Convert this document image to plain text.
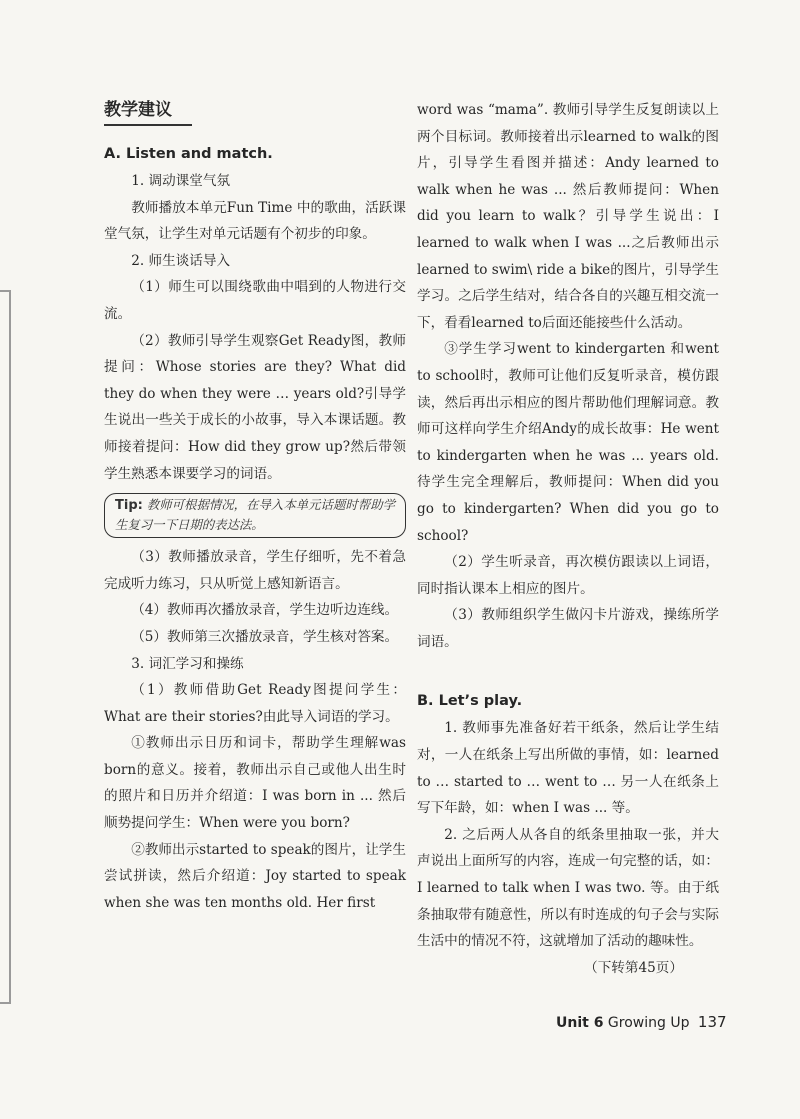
教学建议

A. Listen and match.

1. 调动课堂气氛

教师播放本单元Fun Time 中的歌曲，活跃课堂气氛，让学生对单元话题有个初步的印象。

2. 师生谈话导入

（1）师生可以围绕歌曲中唱到的人物进行交流。

（2）教师引导学生观察Get Ready图，教师提问：Whose stories are they? What did they do when they were … years old?引导学生说出一些关于成长的小故事，导入本课话题。教师接着提问：How did they grow up?然后带领学生熟悉本课要学习的词语。

Tip: 教师可根据情况，在导入本单元话题时帮助学生复习一下日期的表达法。

（3）教师播放录音，学生仔细听，先不着急完成听力练习，只从听觉上感知新语言。

（4）教师再次播放录音，学生边听边连线。

（5）教师第三次播放录音，学生核对答案。

3. 词汇学习和操练

（1）教师借助Get Ready图提问学生：What are their stories?由此导入词语的学习。

①教师出示日历和词卡，帮助学生理解was born的意义。接着，教师出示自己或他人出生时的照片和日历并介绍道：I was born in ... 然后顺势提问学生：When were you born?

②教师出示started to speak的图片，让学生尝试拼读，然后介绍道：Joy started to speak when she was ten months old. Her first

word was “mama”. 教师引导学生反复朗读以上两个目标词。教师接着出示learned to walk的图片，引导学生看图并描述：Andy learned to walk when he was ... 然后教师提问：When did you learn to walk？引导学生说出：I learned to walk when I was ...之后教师出示learned to swim\ ride a bike的图片，引导学生学习。之后学生结对，结合各自的兴趣互相交流一下，看看learned to后面还能接些什么活动。

③学生学习went to kindergarten 和went to school时，教师可让他们反复听录音，模仿跟读，然后再出示相应的图片帮助他们理解词意。教师可这样向学生介绍Andy的成长故事：He went to kindergarten when he was ... years old. 待学生完全理解后，教师提问：When did you go to kindergarten? When did you go to school?

（2）学生听录音，再次模仿跟读以上词语，同时指认课本上相应的图片。

（3）教师组织学生做闪卡片游戏，操练所学词语。

B. Let’s play.

1. 教师事先准备好若干纸条，然后让学生结对，一人在纸条上写出所做的事情，如：learned to … started to … went to … 另一人在纸条上写下年龄，如：when I was ... 等。

2. 之后两人从各自的纸条里抽取一张，并大声说出上面所写的内容，连成一句完整的话，如：I learned to talk when I was two. 等。由于纸条抽取带有随意性，所以有时连成的句子会与实际生活中的情况不符，这就增加了活动的趣味性。

（下转第45页）

Unit 6 Growing Up 137
